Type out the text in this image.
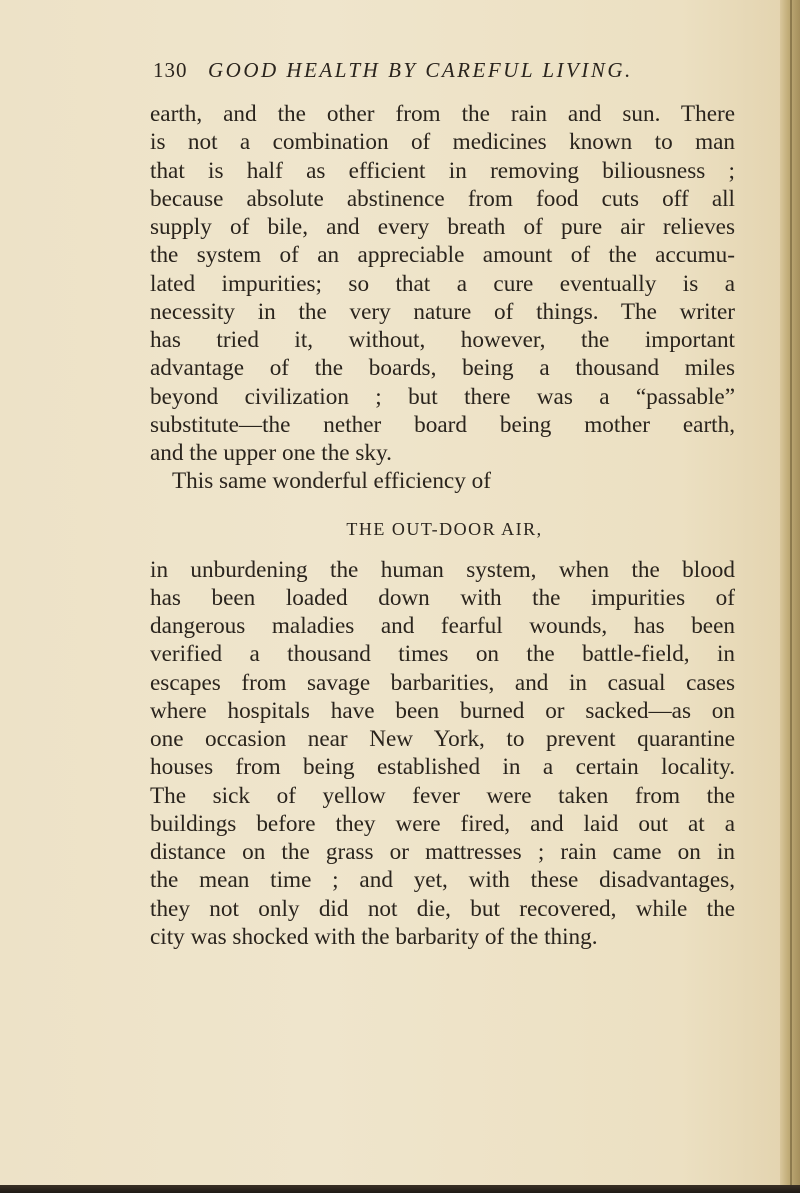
130 GOOD HEALTH BY CAREFUL LIVING.
earth, and the other from the rain and sun. There
is not a combination of medicines known to man
that is half as efficient in removing biliousness ;
because absolute abstinence from food cuts off all
supply of bile, and every breath of pure air relieves
the system of an appreciable amount of the accumu-
lated impurities; so that a cure eventually is a
necessity in the very nature of things. The writer
has tried it, without, however, the important
advantage of the boards, being a thousand miles
beyond civilization ; but there was a “passable”
substitute—the nether board being mother earth,
and the upper one the sky.
This same wonderful efficiency of
THE OUT-DOOR AIR,
in unburdening the human system, when the blood
has been loaded down with the impurities of
dangerous maladies and fearful wounds, has been
verified a thousand times on the battle-field, in
escapes from savage barbarities, and in casual cases
where hospitals have been burned or sacked—as on
one occasion near New York, to prevent quarantine
houses from being established in a certain locality.
The sick of yellow fever were taken from the
buildings before they were fired, and laid out at a
distance on the grass or mattresses ; rain came on in
the mean time ; and yet, with these disadvantages,
they not only did not die, but recovered, while the
city was shocked with the barbarity of the thing.
